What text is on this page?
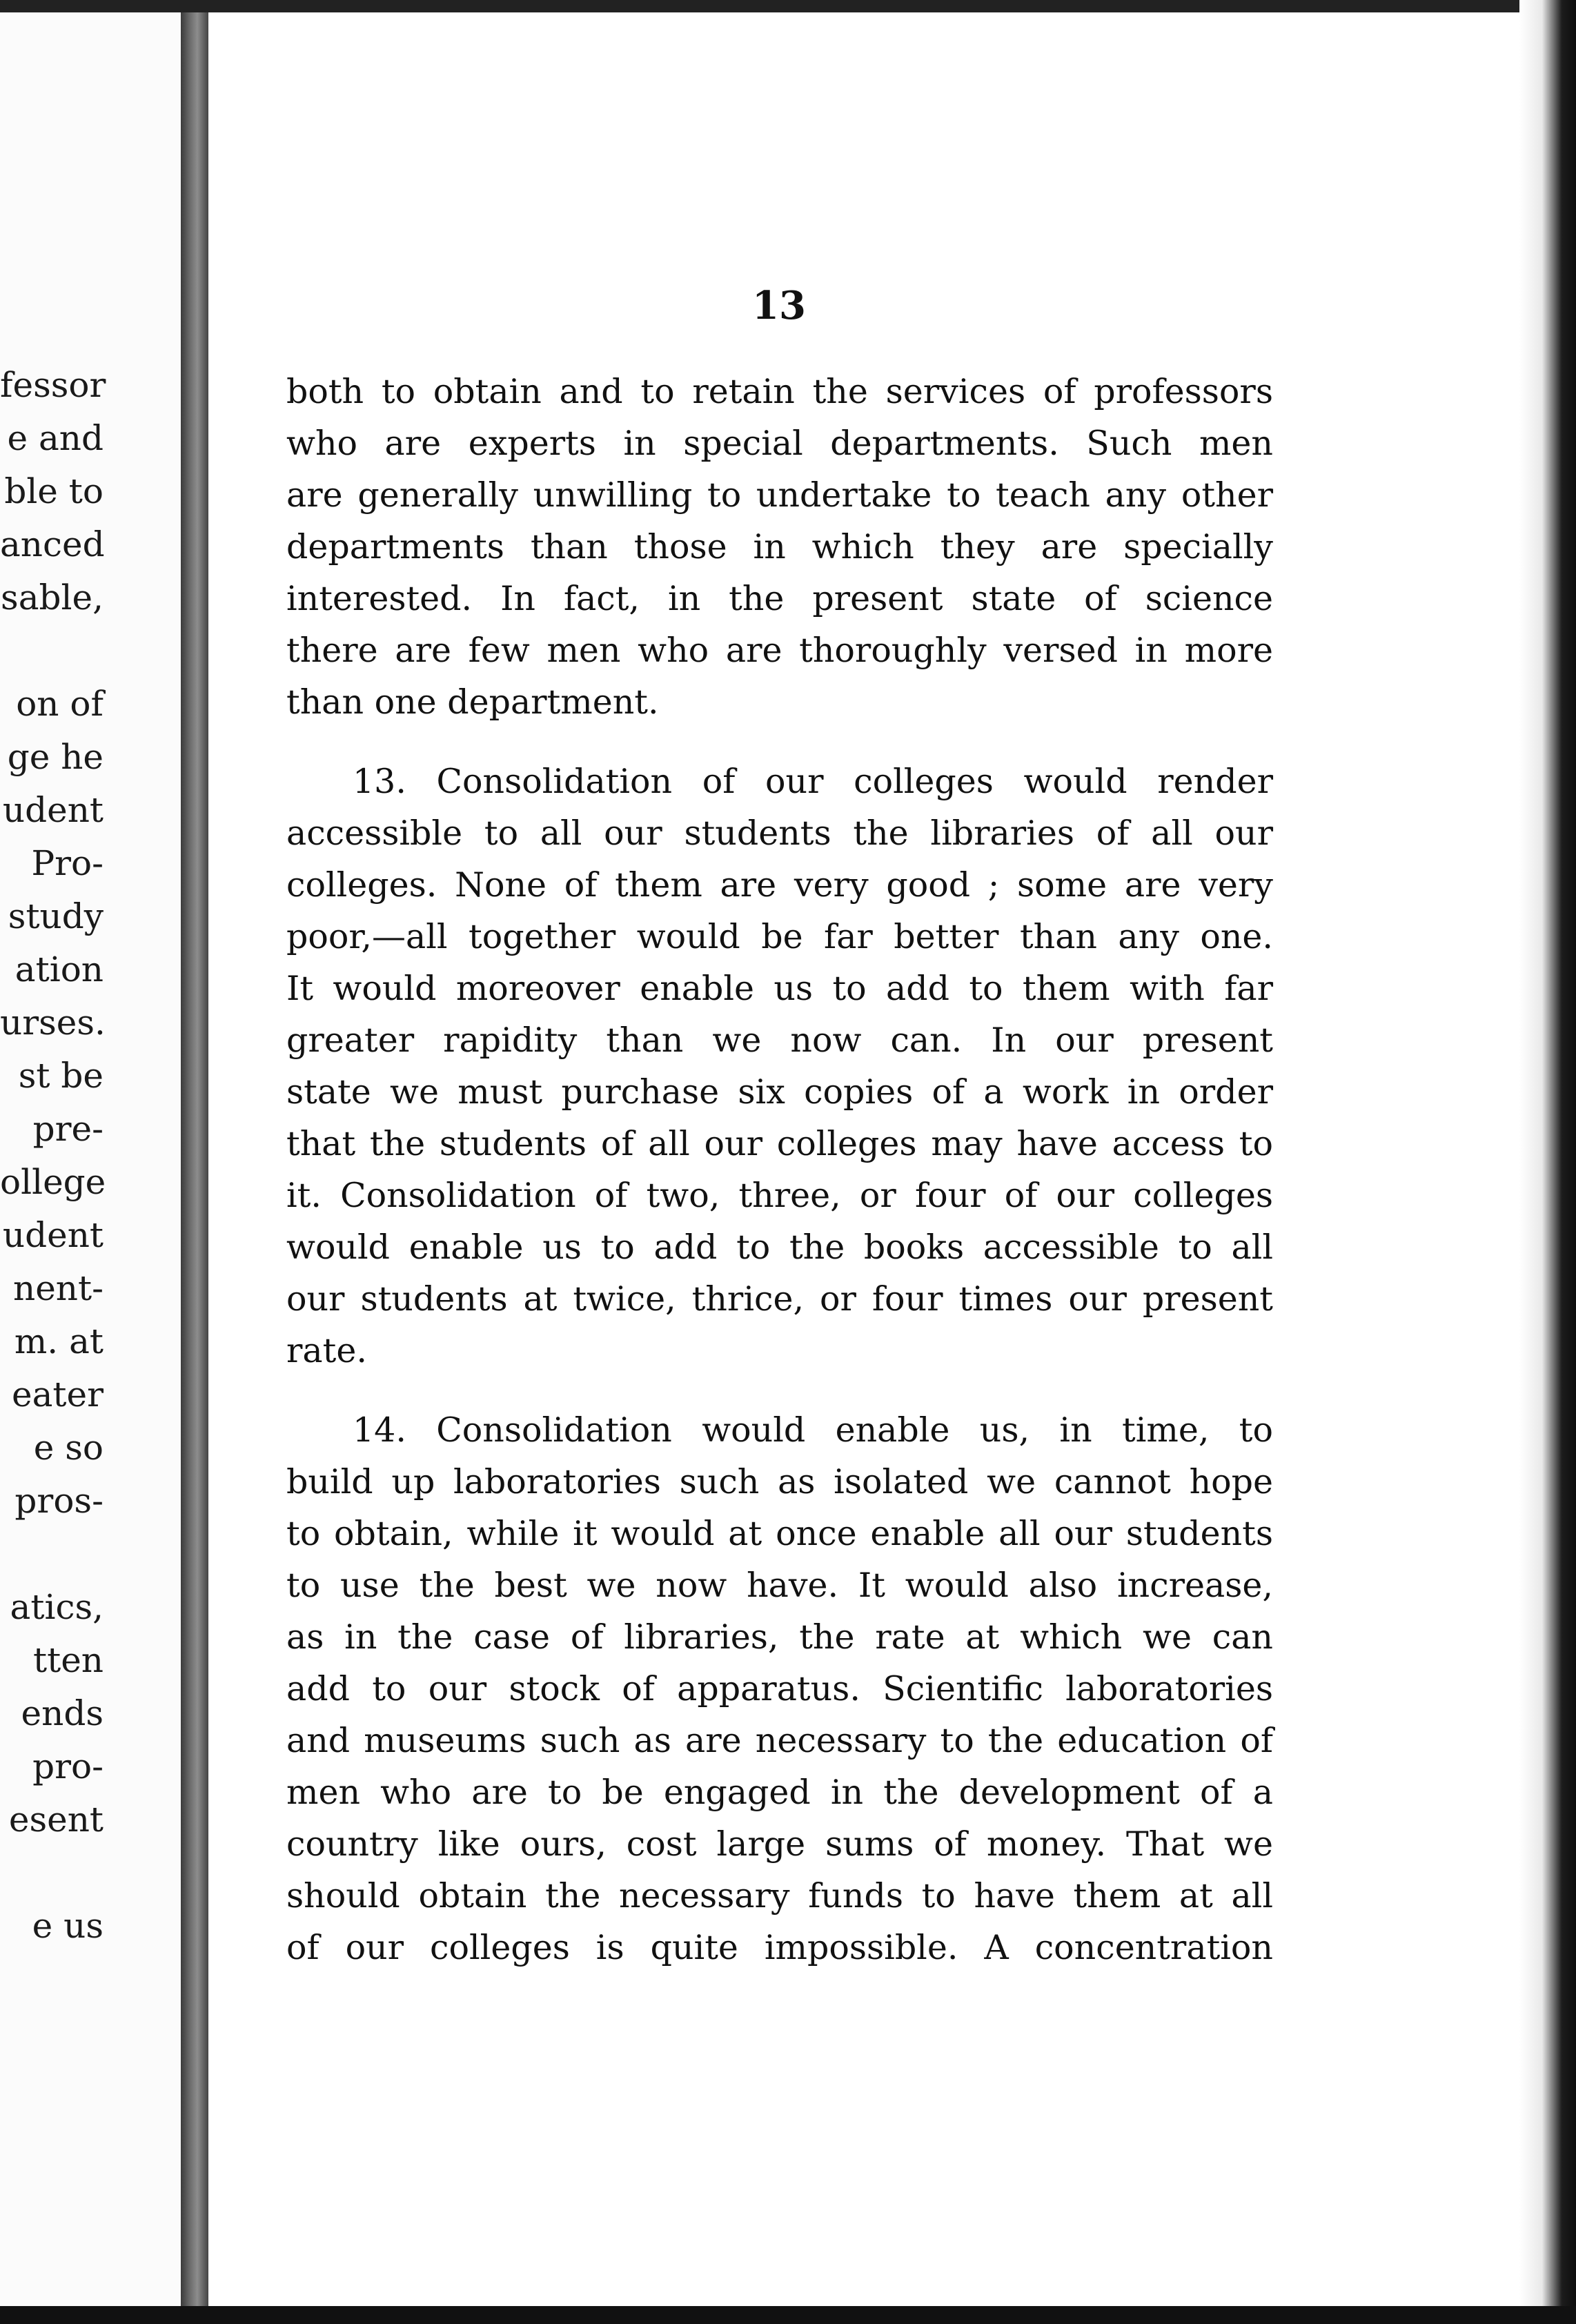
fessor
e and
ble to
anced
sable,
on of
ge he
udent
Pro-
study
ation
urses.
st be
pre-
ollege
udent
nent-
m. at
eater
e so
pros-
atics,
tten
ends
pro-
esent
e us
13
both to obtain and to retain the services of professors
who are experts in special departments. Such men
are generally unwilling to undertake to teach any other
departments than those in which they are specially
interested. In fact, in the present state of science
there are few men who are thoroughly versed in more
than one department.
13. Consolidation of our colleges would render
accessible to all our students the libraries of all our
colleges. None of them are very good ; some are very
poor,—all together would be far better than any one.
It would moreover enable us to add to them with far
greater rapidity than we now can. In our present
state we must purchase six copies of a work in order
that the students of all our colleges may have access to
it. Consolidation of two, three, or four of our colleges
would enable us to add to the books accessible to all
our students at twice, thrice, or four times our present
rate.
14. Consolidation would enable us, in time, to
build up laboratories such as isolated we cannot hope
to obtain, while it would at once enable all our students
to use the best we now have. It would also increase,
as in the case of libraries, the rate at which we can
add to our stock of apparatus. Scientific laboratories
and museums such as are necessary to the education of
men who are to be engaged in the development of a
country like ours, cost large sums of money. That we
should obtain the necessary funds to have them at all
of our colleges is quite impossible. A concentration
